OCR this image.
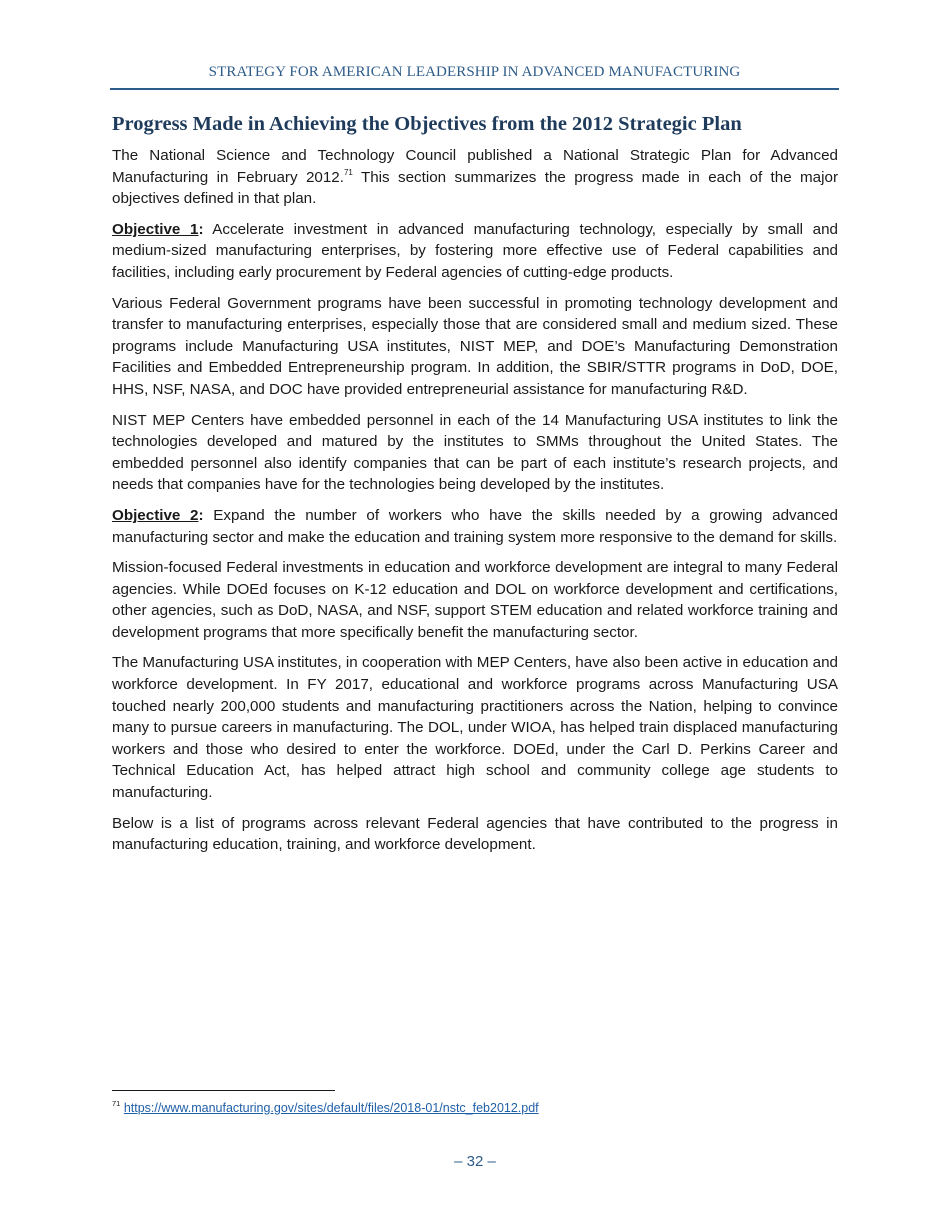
STRATEGY FOR AMERICAN LEADERSHIP IN ADVANCED MANUFACTURING
Progress Made in Achieving the Objectives from the 2012 Strategic Plan

The National Science and Technology Council published a National Strategic Plan for Advanced Manufacturing in February 2012.71 This section summarizes the progress made in each of the major objectives defined in that plan.

Objective 1: Accelerate investment in advanced manufacturing technology, especially by small and medium-sized manufacturing enterprises, by fostering more effective use of Federal capabilities and facilities, including early procurement by Federal agencies of cutting-edge products.

Various Federal Government programs have been successful in promoting technology development and transfer to manufacturing enterprises, especially those that are considered small and medium sized. These programs include Manufacturing USA institutes, NIST MEP, and DOE’s Manufacturing Demonstration Facilities and Embedded Entrepreneurship program. In addition, the SBIR/STTR programs in DoD, DOE, HHS, NSF, NASA, and DOC have provided entrepreneurial assistance for manufacturing R&D.

NIST MEP Centers have embedded personnel in each of the 14 Manufacturing USA institutes to link the technologies developed and matured by the institutes to SMMs throughout the United States. The embedded personnel also identify companies that can be part of each institute’s research projects, and needs that companies have for the technologies being developed by the institutes.

Objective 2: Expand the number of workers who have the skills needed by a growing advanced manufacturing sector and make the education and training system more responsive to the demand for skills.

Mission-focused Federal investments in education and workforce development are integral to many Federal agencies. While DOEd focuses on K-12 education and DOL on workforce development and certifications, other agencies, such as DoD, NASA, and NSF, support STEM education and related workforce training and development programs that more specifically benefit the manufacturing sector.

The Manufacturing USA institutes, in cooperation with MEP Centers, have also been active in education and workforce development. In FY 2017, educational and workforce programs across Manufacturing USA touched nearly 200,000 students and manufacturing practitioners across the Nation, helping to convince many to pursue careers in manufacturing. The DOL, under WIOA, has helped train displaced manufacturing workers and those who desired to enter the workforce. DOEd, under the Carl D. Perkins Career and Technical Education Act, has helped attract high school and community college age students to manufacturing.

Below is a list of programs across relevant Federal agencies that have contributed to the progress in manufacturing education, training, and workforce development.

$^{71}$ https://www.manufacturing.gov/sites/default/files/2018-01/nstc_feb2012.pdf
– 32 –
